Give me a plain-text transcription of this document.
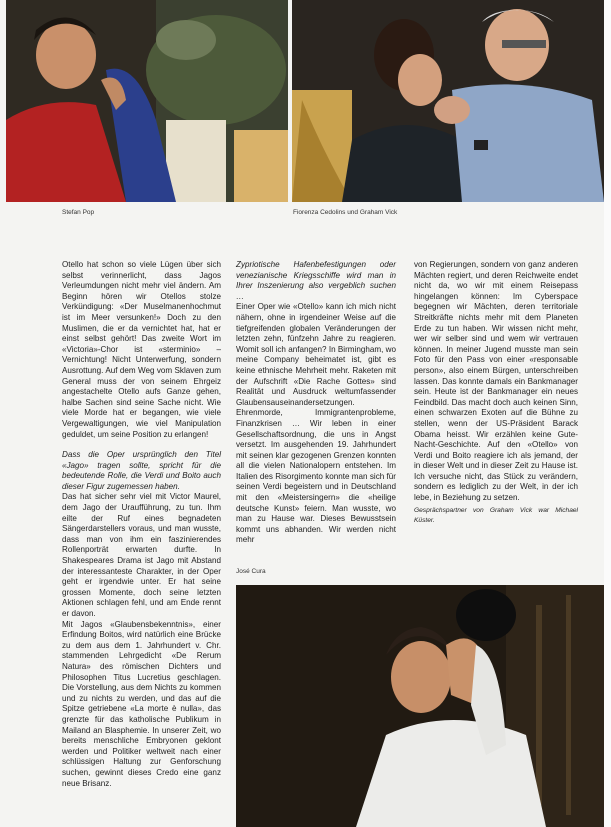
Stefan Pop	Fiorenza Cedolins und Graham Vick

Otello hat schon so viele Lügen über sich selbst verinnerlicht, dass Jagos Verleumdungen nicht mehr viel ändern. Am Beginn hören wir Otellos stolze Verkündigung: «Der Muselmanenhochmut ist im Meer versunken!» Doch zu den Muslimen, die er da vernichtet hat, hat er einst selbst gehört! Das zweite Wort im «Victoria»-Chor ist «sterminio» – Vernichtung! Nicht Unterwerfung, sondern Ausrottung. Auf dem Weg vom Sklaven zum General muss der von seinem Ehrgeiz angestachelte Otello aufs Ganze gehen, halbe Sachen sind seine Sache nicht. Wie viele Morde hat er begangen, wie viele Vergewaltigungen, wie viel Manipulation geduldet, um seine Position zu erlangen!

Dass die Oper ursprünglich den Titel «Jago» tragen sollte, spricht für die bedeutende Rolle, die Verdi und Boito auch dieser Figur zugemessen haben.

Das hat sicher sehr viel mit Victor Maurel, dem Jago der Uraufführung, zu tun. Ihm eilte der Ruf eines begnadeten Sängerdarstellers voraus, und man wusste, dass man von ihm ein faszinierendes Rollenporträt erwarten durfte. In Shakespeares Drama ist Jago mit Abstand der interessanteste Charakter, in der Oper geht er irgendwie unter. Er hat seine grossen Momente, doch seine letzten Aktionen schlagen fehl, und am Ende rennt er davon.

Mit Jagos «Glaubensbekenntnis», einer Erfindung Boitos, wird natürlich eine Brücke zu dem aus dem 1. Jahrhundert v. Chr. stammenden Lehrgedicht «De Rerum Natura» des römischen Dichters und Philosophen Titus Lucretius geschlagen. Die Vorstellung, aus dem Nichts zu kommen und zu nichts zu werden, und das auf die Spitze getriebene «La morte è nulla», das grenzte für das katholische Publikum in Mailand an Blasphemie. In unserer Zeit, wo bereits menschliche Embryonen geklont werden und Politiker weltweit nach einer schlüssigen Haltung zur Genforschung suchen, gewinnt dieses Credo eine ganz neue Brisanz.

Zypriotische Hafenbefestigungen oder venezianische Kriegsschiffe wird man in Ihrer Inszenierung also vergeblich suchen …

Einer Oper wie «Otello» kann ich mich nicht nähern, ohne in irgendeiner Weise auf die tiefgreifenden globalen Veränderungen der letzten zehn, fünfzehn Jahre zu reagieren. Womit soll ich anfangen? In Birmingham, wo meine Company beheimatet ist, gibt es keine ethnische Mehrheit mehr. Raketen mit der Aufschrift «Die Rache Gottes» sind Realität und Ausdruck weltumfassender Glaubensauseinandersetzungen. Ehrenmorde, Immigrantenprobleme, Finanzkrisen … Wir leben in einer Gesellschaftsordnung, die uns in Angst versetzt. Im ausgehenden 19. Jahrhundert mit seinen klar gezogenen Grenzen konnten all die vielen Nationalopern entstehen. Im Italien des Risorgimento konnte man sich für seinen Verdi begeistern und in Deutschland mit den «Meistersingern» die «heilige deutsche Kunst» feiern. Man wusste, wo man zu Hause war. Dieses Bewusstsein kommt uns abhanden. Wir werden nicht mehr

von Regierungen, sondern von ganz anderen Mächten regiert, und deren Reichweite endet nicht da, wo wir mit einem Reisepass hingelangen können: Im Cyberspace begegnen wir Mächten, deren territoriale Streitkräfte nichts mehr mit dem Planeten Erde zu tun haben. Wir wissen nicht mehr, wer wir selber sind und wem wir vertrauen können. In meiner Jugend musste man sein Foto für den Pass von einer «responsable person», also einem Bürgen, unterschreiben lassen. Das konnte damals ein Bankmanager sein. Heute ist der Bankmanager ein neues Feindbild. Das macht doch auch keinen Sinn, einen schwarzen Exoten auf die Bühne zu stellen, wenn der US-Präsident Barack Obama heisst. Wir erzählen keine Gute-Nacht-Geschichte. Auf den «Otello» von Verdi und Boito reagiere ich als jemand, der in dieser Welt und in dieser Zeit zu Hause ist. Ich versuche nicht, das Stück zu verändern, sondern es lediglich zu der Welt, in der ich lebe, in Beziehung zu setzen.

Gesprächspartner von Graham Vick war Michael Küster.

José Cura
